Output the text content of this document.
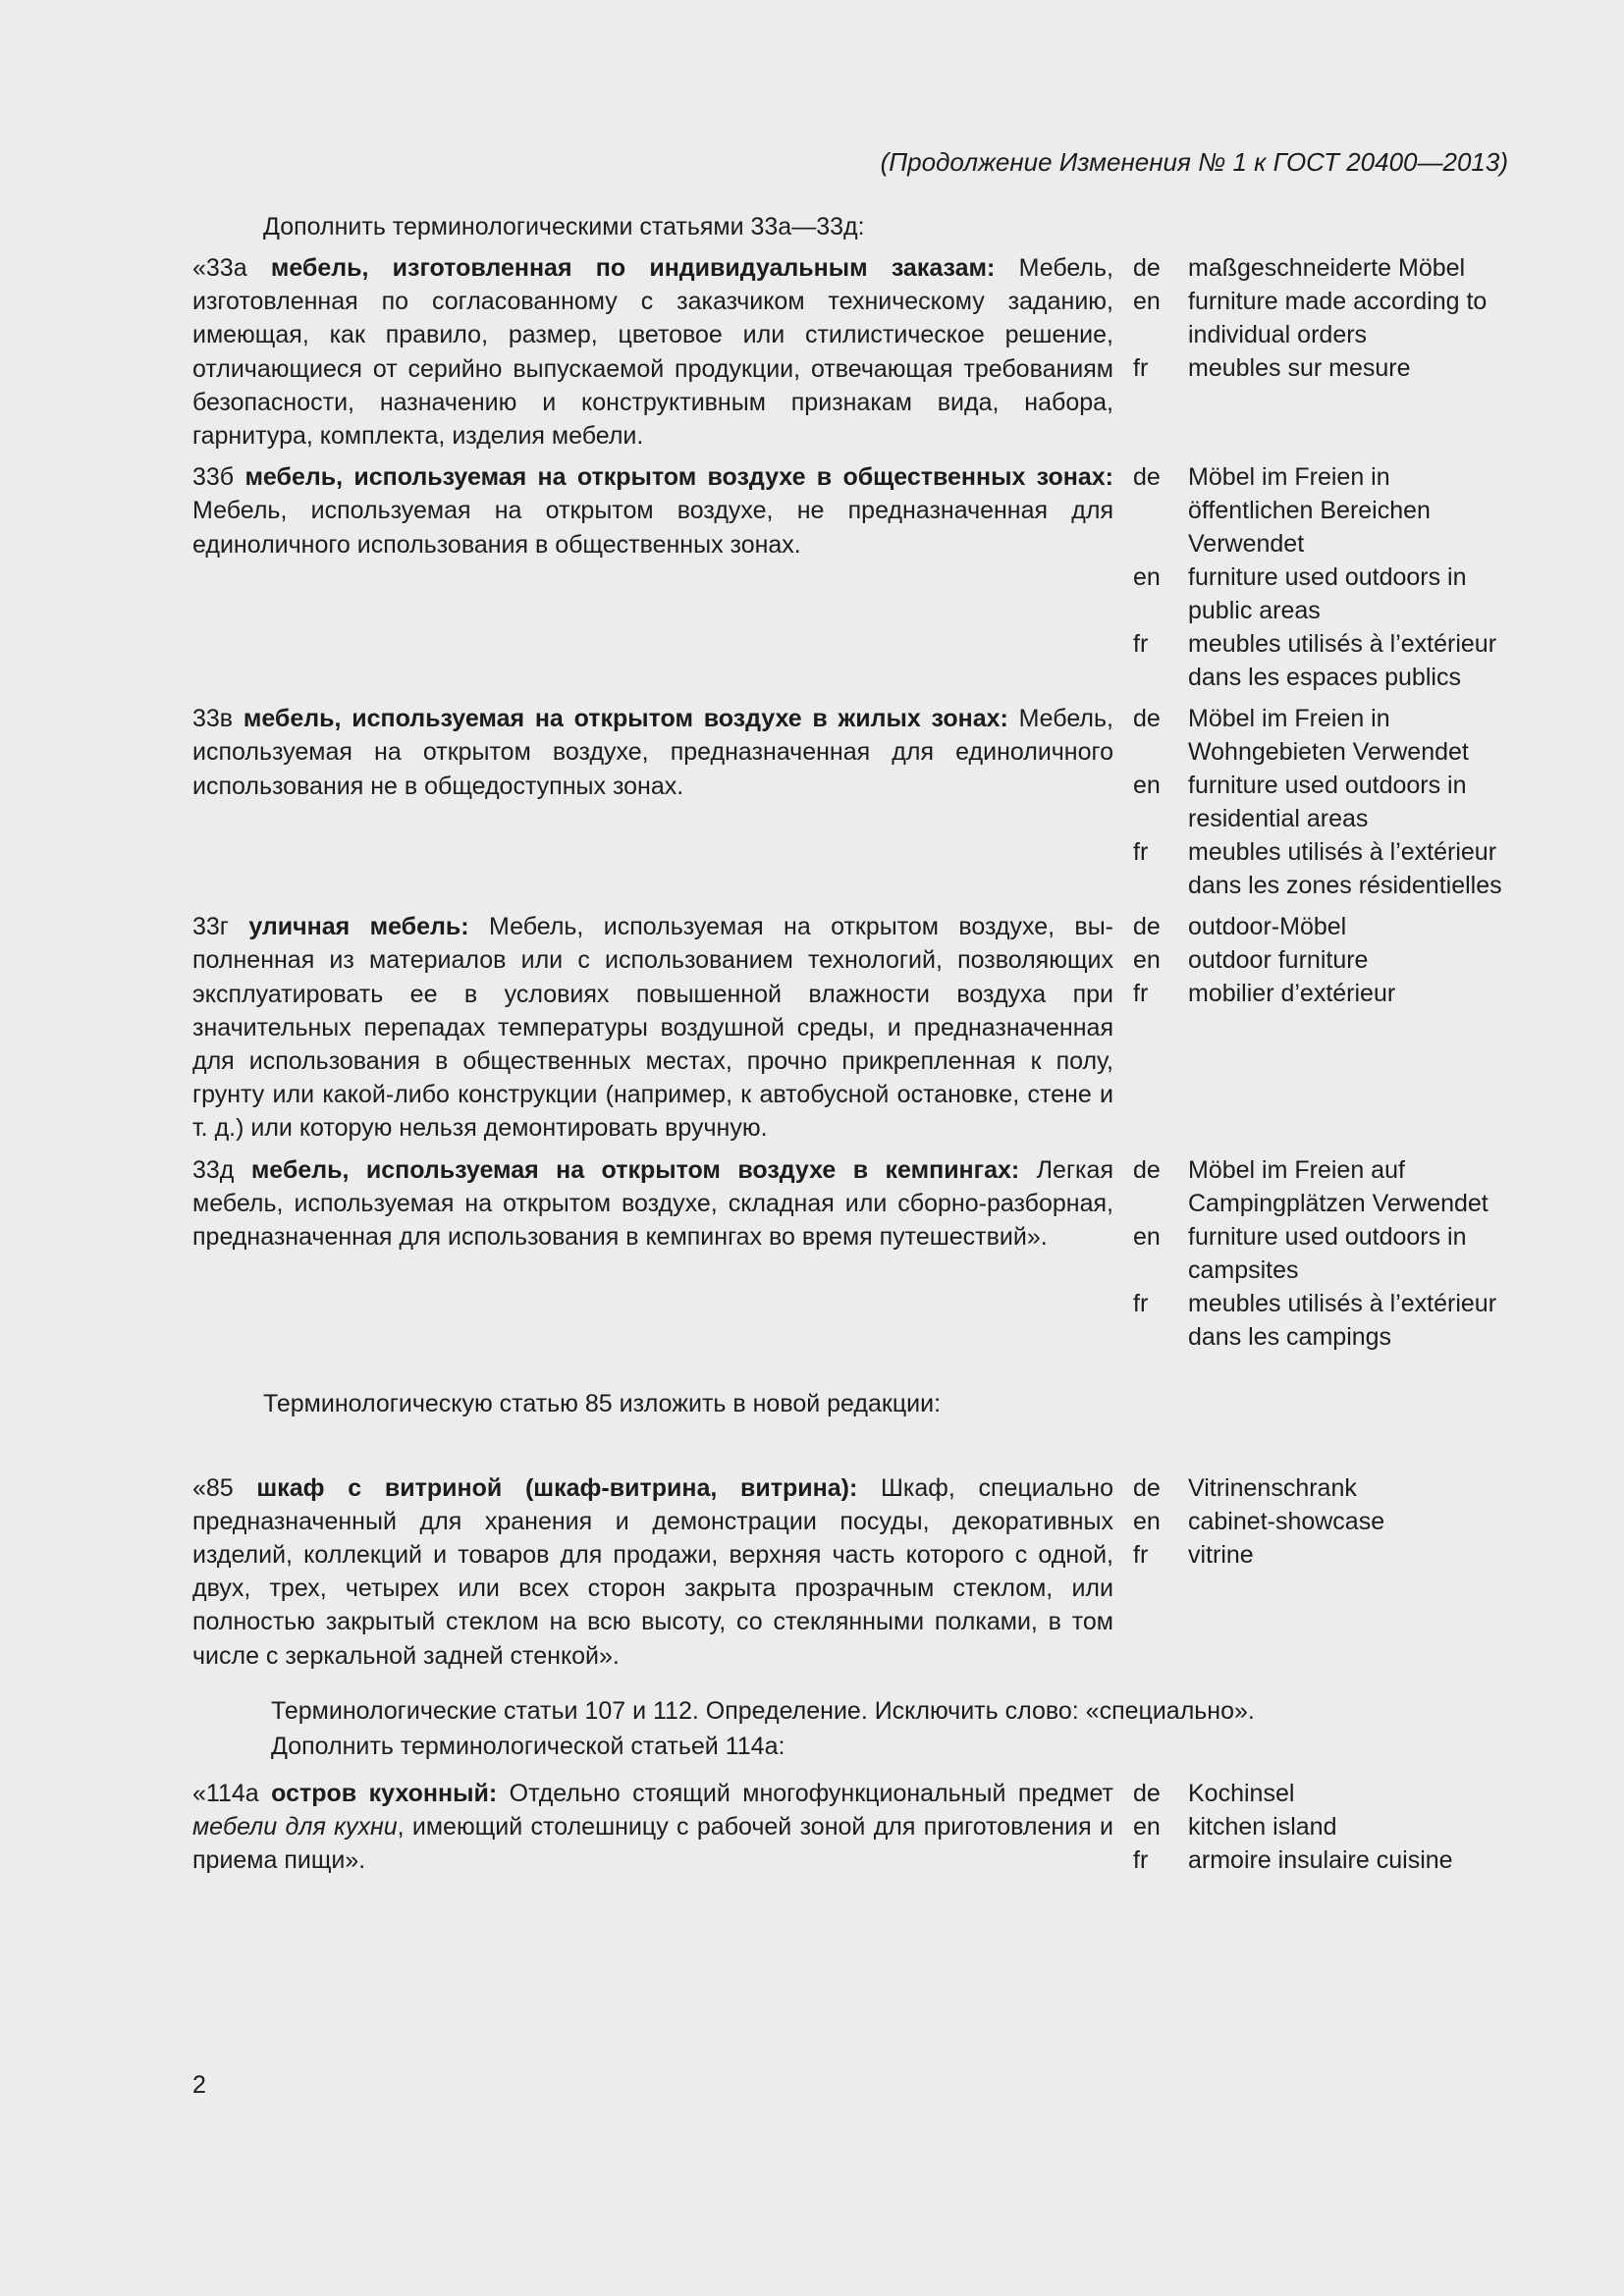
(Продолжение Изменения № 1 к ГОСТ 20400—2013)
Дополнить терминологическими статьями 33а—33д:
«33а мебель, изготовленная по индивидуальным заказам: Мебель, изготовленная по согласованному с заказчиком техническому заданию, имеющая, как правило, размер, цветовое или стилистическое решение, отличающиеся от серийно выпускаемой продукции, отвечающая требованиям безопасности, назначению и конструктивным признакам вида, набора, гарнитура, комплекта, изделия мебели.
de	maßgeschneiderte Möbel
en	furniture made according to individual orders
fr	meubles sur mesure
33б мебель, используемая на открытом воздухе в общественных зонах: Мебель, используемая на открытом воздухе, не предназначенная для единоличного использования в общественных зонах.
de	Möbel im Freien in öffentlichen Bereichen Verwendet
en	furniture used outdoors in public areas
fr	meubles utilisés à l’extérieur dans les espaces publics
33в мебель, используемая на открытом воздухе в жилых зонах: Мебель, используемая на открытом воздухе, предназначенная для единоличного использования не в общедоступных зонах.
de	Möbel im Freien in Wohngebieten Verwendet
en	furniture used outdoors in residential areas
fr	meubles utilisés à l’extérieur dans les zones résidentielles
33г уличная мебель: Мебель, используемая на открытом воздухе, выполненная из материалов или с использованием технологий, позволяющих эксплуатировать ее в условиях повышенной влажности воздуха при значительных перепадах температуры воздушной среды, и предназначенная для использования в общественных местах, прочно прикрепленная к полу, грунту или какой-либо конструкции (например, к автобусной остановке, стене и т. д.) или которую нельзя демонтировать вручную.
de	outdoor-Möbel
en	outdoor furniture
fr	mobilier d’extérieur
33д мебель, используемая на открытом воздухе в кемпингах: Легкая мебель, используемая на открытом воздухе, складная или сборно-разборная, предназначенная для использования в кемпингах во время путешествий».
de	Möbel im Freien auf Campingplätzen Verwendet
en	furniture used outdoors in campsites
fr	meubles utilisés à l’extérieur dans les campings
Терминологическую статью 85 изложить в новой редакции:
«85 шкаф с витриной (шкаф-витрина, витрина): Шкаф, специально предназначенный для хранения и демонстрации посуды, декоративных изделий, коллекций и товаров для продажи, верхняя часть которого с одной, двух, трех, четырех или всех сторон закрыта прозрачным стеклом, или полностью закрытый стеклом на всю высоту, со стеклянными полками, в том числе с зеркальной задней стенкой».
de	Vitrinenschrank
en	cabinet-showcase
fr	vitrine
Терминологические статьи 107 и 112. Определение. Исключить слово: «специально».
Дополнить терминологической статьей 114а:
«114а остров кухонный: Отдельно стоящий многофункциональный предмет мебели для кухни, имеющий столешницу с рабочей зоной для приготовления и приема пищи».
de	Kochinsel
en	kitchen island
fr	armoire insulaire cuisine
2
